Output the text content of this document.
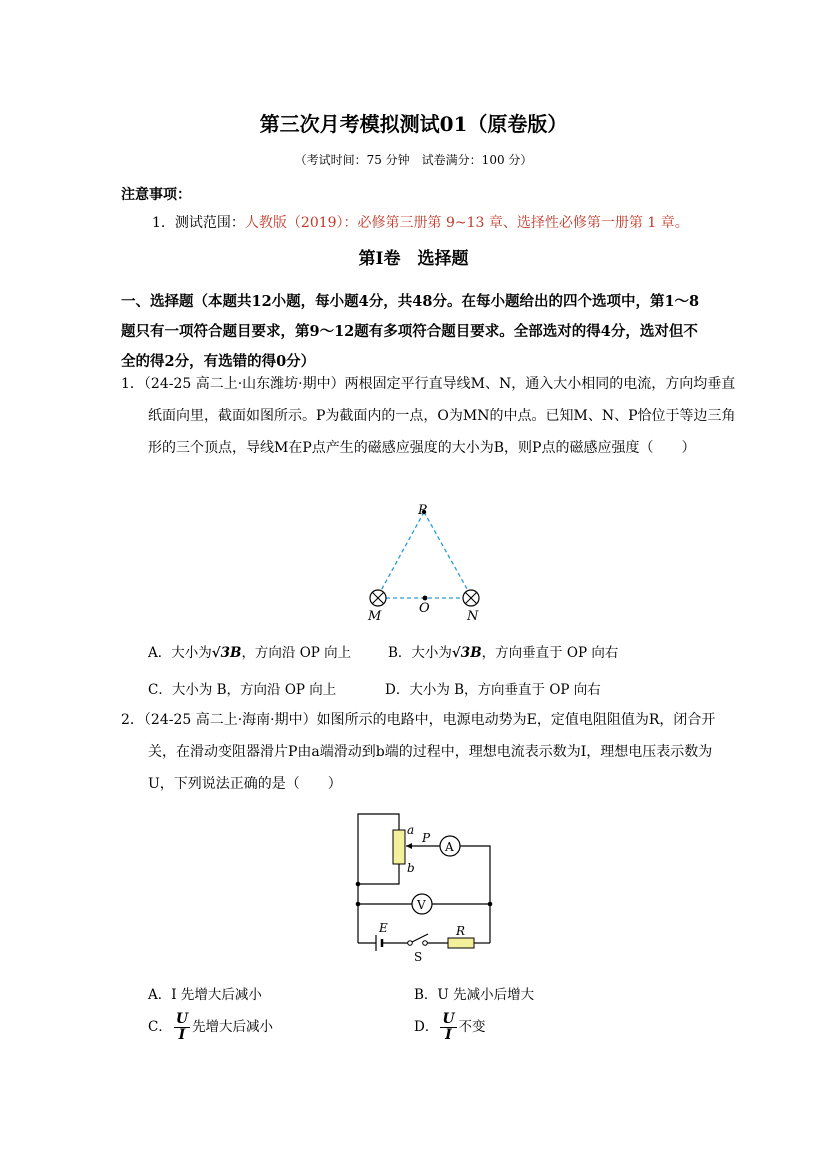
第三次月考模拟测试01（原卷版）
（考试时间：75 分钟　试卷满分：100 分）
注意事项：
1．测试范围：人教版（2019）：必修第三册第 9~13 章、选择性必修第一册第 1 章。
第Ⅰ卷　选择题
一、选择题（本题共12小题，每小题4分，共48分。在每小题给出的四个选项中，第1～8题只有一项符合题目要求，第9～12题有多项符合题目要求。全部选对的得4分，选对但不全的得2分，有选错的得0分）
1．（24-25 高二上·山东潍坊·期中）两根固定平行直导线M、N，通入大小相同的电流，方向均垂直纸面向里，截面如图所示。P为截面内的一点，O为MN的中点。已知M、N、P恰位于等边三角形的三个顶点，导线M在P点产生的磁感应强度的大小为B，则P点的磁感应强度（　　）
P
M
O
N
A．大小为√3B，方向沿 OP 向上	B．大小为√3B，方向垂直于 OP 向右
C．大小为 B，方向沿 OP 向上	D．大小为 B，方向垂直于 OP 向右
2．（24-25 高二上·海南·期中）如图所示的电路中，电源电动势为E，定值电阻阻值为R，闭合开关，在滑动变阻器滑片P由a端滑动到b端的过程中，理想电流表示数为I，理想电压表示数为U，下列说法正确的是（　　）
A
V
a
b
P
E	R
S
A．I 先增大后减小	B．U 先减小后增大
C． $\frac{U}{I}$ 先增大后减小	D． $\frac{U}{I}$ 不变
